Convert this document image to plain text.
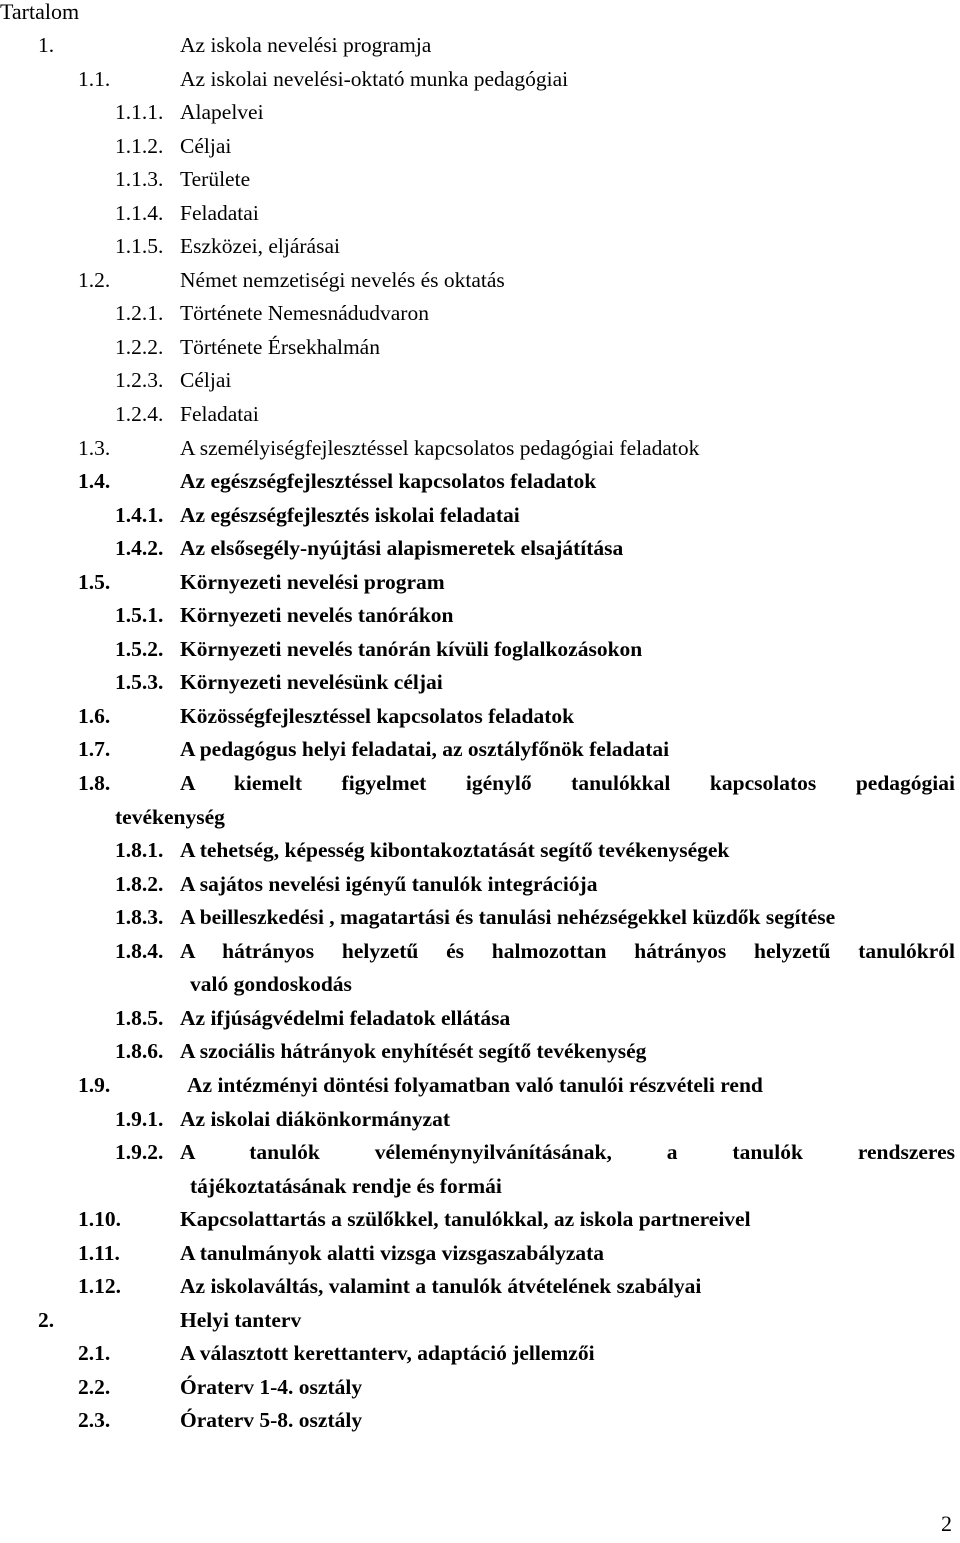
Tartalom
1.	Az iskola nevelési programja
1.1.	Az iskolai nevelési-oktató munka pedagógiai
1.1.1. Alapelvei
1.1.2. Céljai
1.1.3. Területe
1.1.4. Feladatai
1.1.5. Eszközei, eljárásai
1.2.	Német nemzetiségi nevelés és oktatás
1.2.1. Története Nemesnádudvaron
1.2.2. Története Érsekhalmán
1.2.3. Céljai
1.2.4. Feladatai
1.3.	A személyiségfejlesztéssel kapcsolatos pedagógiai feladatok
1.4.	Az egészségfejlesztéssel kapcsolatos feladatok
1.4.1. Az egészségfejlesztés iskolai feladatai
1.4.2. Az elsősegély-nyújtási alapismeretek elsajátítása
1.5.	Környezeti nevelési program
1.5.1. Környezeti nevelés tanórákon
1.5.2. Környezeti nevelés tanórán kívüli foglalkozásokon
1.5.3. Környezeti nevelésünk céljai
1.6.	Közösségfejlesztéssel kapcsolatos feladatok
1.7.	A pedagógus helyi feladatai, az osztályfőnök feladatai
1.8.	A kiemelt figyelmet igénylő tanulókkal kapcsolatos pedagógiai
tevékenység
1.8.1. A tehetség, képesség kibontakoztatását segítő tevékenységek
1.8.2. A sajátos nevelési igényű tanulók integrációja
1.8.3. A beilleszkedési , magatartási és tanulási nehézségekkel küzdők segítése
1.8.4. A hátrányos helyzetű és halmozottan hátrányos helyzetű tanulókról
való gondoskodás
1.8.5. Az ifjúságvédelmi feladatok ellátása
1.8.6. A szociális hátrányok enyhítését segítő tevékenység
1.9.	Az intézményi döntési folyamatban való tanulói részvételi rend
1.9.1. Az iskolai diákönkormányzat
1.9.2. A tanulók véleménynyilvánításának, a tanulók rendszeres
tájékoztatásának rendje és formái
1.10.	Kapcsolattartás a szülőkkel, tanulókkal, az iskola partnereivel
1.11.	A tanulmányok alatti vizsga vizsgaszabályzata
1.12.	Az iskolaváltás, valamint a tanulók átvételének szabályai
2.	Helyi tanterv
2.1.	A választott kerettanterv, adaptáció jellemzői
2.2.	Óraterv 1-4. osztály
2.3.	Óraterv 5-8. osztály
2
